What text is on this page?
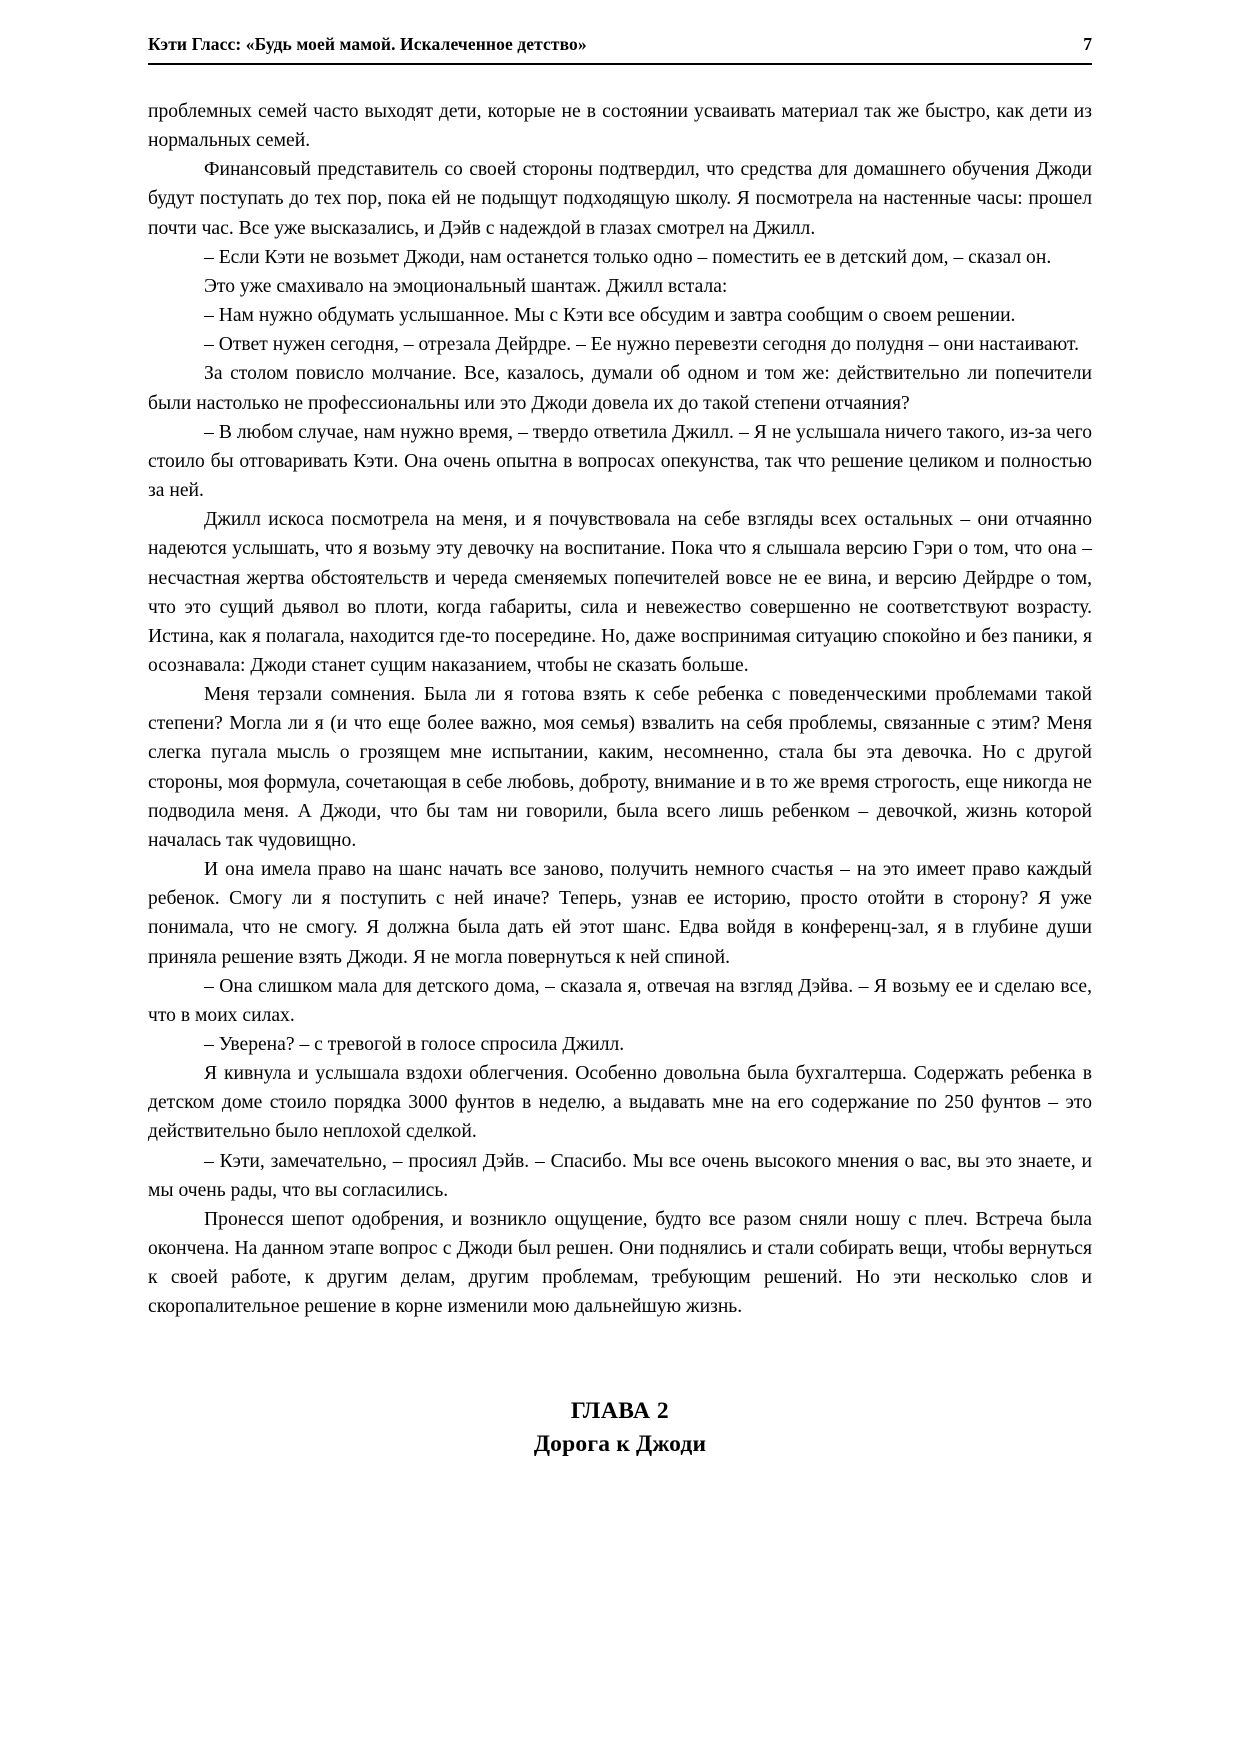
Кэти Гласс: «Будь моей мамой. Искалеченное детство»	7

проблемных семей часто выходят дети, которые не в состоянии усваивать материал так же быстро, как дети из нормальных семей.

Финансовый представитель со своей стороны подтвердил, что средства для домашнего обучения Джоди будут поступать до тех пор, пока ей не подыщут подходящую школу. Я посмотрела на настенные часы: прошел почти час. Все уже высказались, и Дэйв с надеждой в глазах смотрел на Джилл.

– Если Кэти не возьмет Джоди, нам останется только одно – поместить ее в детский дом, – сказал он.

Это уже смахивало на эмоциональный шантаж. Джилл встала:

– Нам нужно обдумать услышанное. Мы с Кэти все обсудим и завтра сообщим о своем решении.

– Ответ нужен сегодня, – отрезала Дейрдре. – Ее нужно перевезти сегодня до полудня – они настаивают.

За столом повисло молчание. Все, казалось, думали об одном и том же: действительно ли попечители были настолько не профессиональны или это Джоди довела их до такой степени отчаяния?

– В любом случае, нам нужно время, – твердо ответила Джилл. – Я не услышала ничего такого, из-за чего стоило бы отговаривать Кэти. Она очень опытна в вопросах опекунства, так что решение целиком и полностью за ней.

Джилл искоса посмотрела на меня, и я почувствовала на себе взгляды всех остальных – они отчаянно надеются услышать, что я возьму эту девочку на воспитание. Пока что я слышала версию Гэри о том, что она – несчастная жертва обстоятельств и череда сменяемых попечителей вовсе не ее вина, и версию Дейрдре о том, что это сущий дьявол во плоти, когда габариты, сила и невежество совершенно не соответствуют возрасту. Истина, как я полагала, находится где-то посередине. Но, даже воспринимая ситуацию спокойно и без паники, я осознавала: Джоди станет сущим наказанием, чтобы не сказать больше.

Меня терзали сомнения. Была ли я готова взять к себе ребенка с поведенческими проблемами такой степени? Могла ли я (и что еще более важно, моя семья) взвалить на себя проблемы, связанные с этим? Меня слегка пугала мысль о грозящем мне испытании, каким, несомненно, стала бы эта девочка. Но с другой стороны, моя формула, сочетающая в себе любовь, доброту, внимание и в то же время строгость, еще никогда не подводила меня. А Джоди, что бы там ни говорили, была всего лишь ребенком – девочкой, жизнь которой началась так чудовищно.

И она имела право на шанс начать все заново, получить немного счастья – на это имеет право каждый ребенок. Смогу ли я поступить с ней иначе? Теперь, узнав ее историю, просто отойти в сторону? Я уже понимала, что не смогу. Я должна была дать ей этот шанс. Едва войдя в конференц-зал, я в глубине души приняла решение взять Джоди. Я не могла повернуться к ней спиной.

– Она слишком мала для детского дома, – сказала я, отвечая на взгляд Дэйва. – Я возьму ее и сделаю все, что в моих силах.

– Уверена? – с тревогой в голосе спросила Джилл.

Я кивнула и услышала вздохи облегчения. Особенно довольна была бухгалтерша. Содержать ребенка в детском доме стоило порядка 3000 фунтов в неделю, а выдавать мне на его содержание по 250 фунтов – это действительно было неплохой сделкой.

– Кэти, замечательно, – просиял Дэйв. – Спасибо. Мы все очень высокого мнения о вас, вы это знаете, и мы очень рады, что вы согласились.

Пронесся шепот одобрения, и возникло ощущение, будто все разом сняли ношу с плеч. Встреча была окончена. На данном этапе вопрос с Джоди был решен. Они поднялись и стали собирать вещи, чтобы вернуться к своей работе, к другим делам, другим проблемам, требующим решений. Но эти несколько слов и скоропалительное решение в корне изменили мою дальнейшую жизнь.

ГЛАВА 2
Дорога к Джоди
